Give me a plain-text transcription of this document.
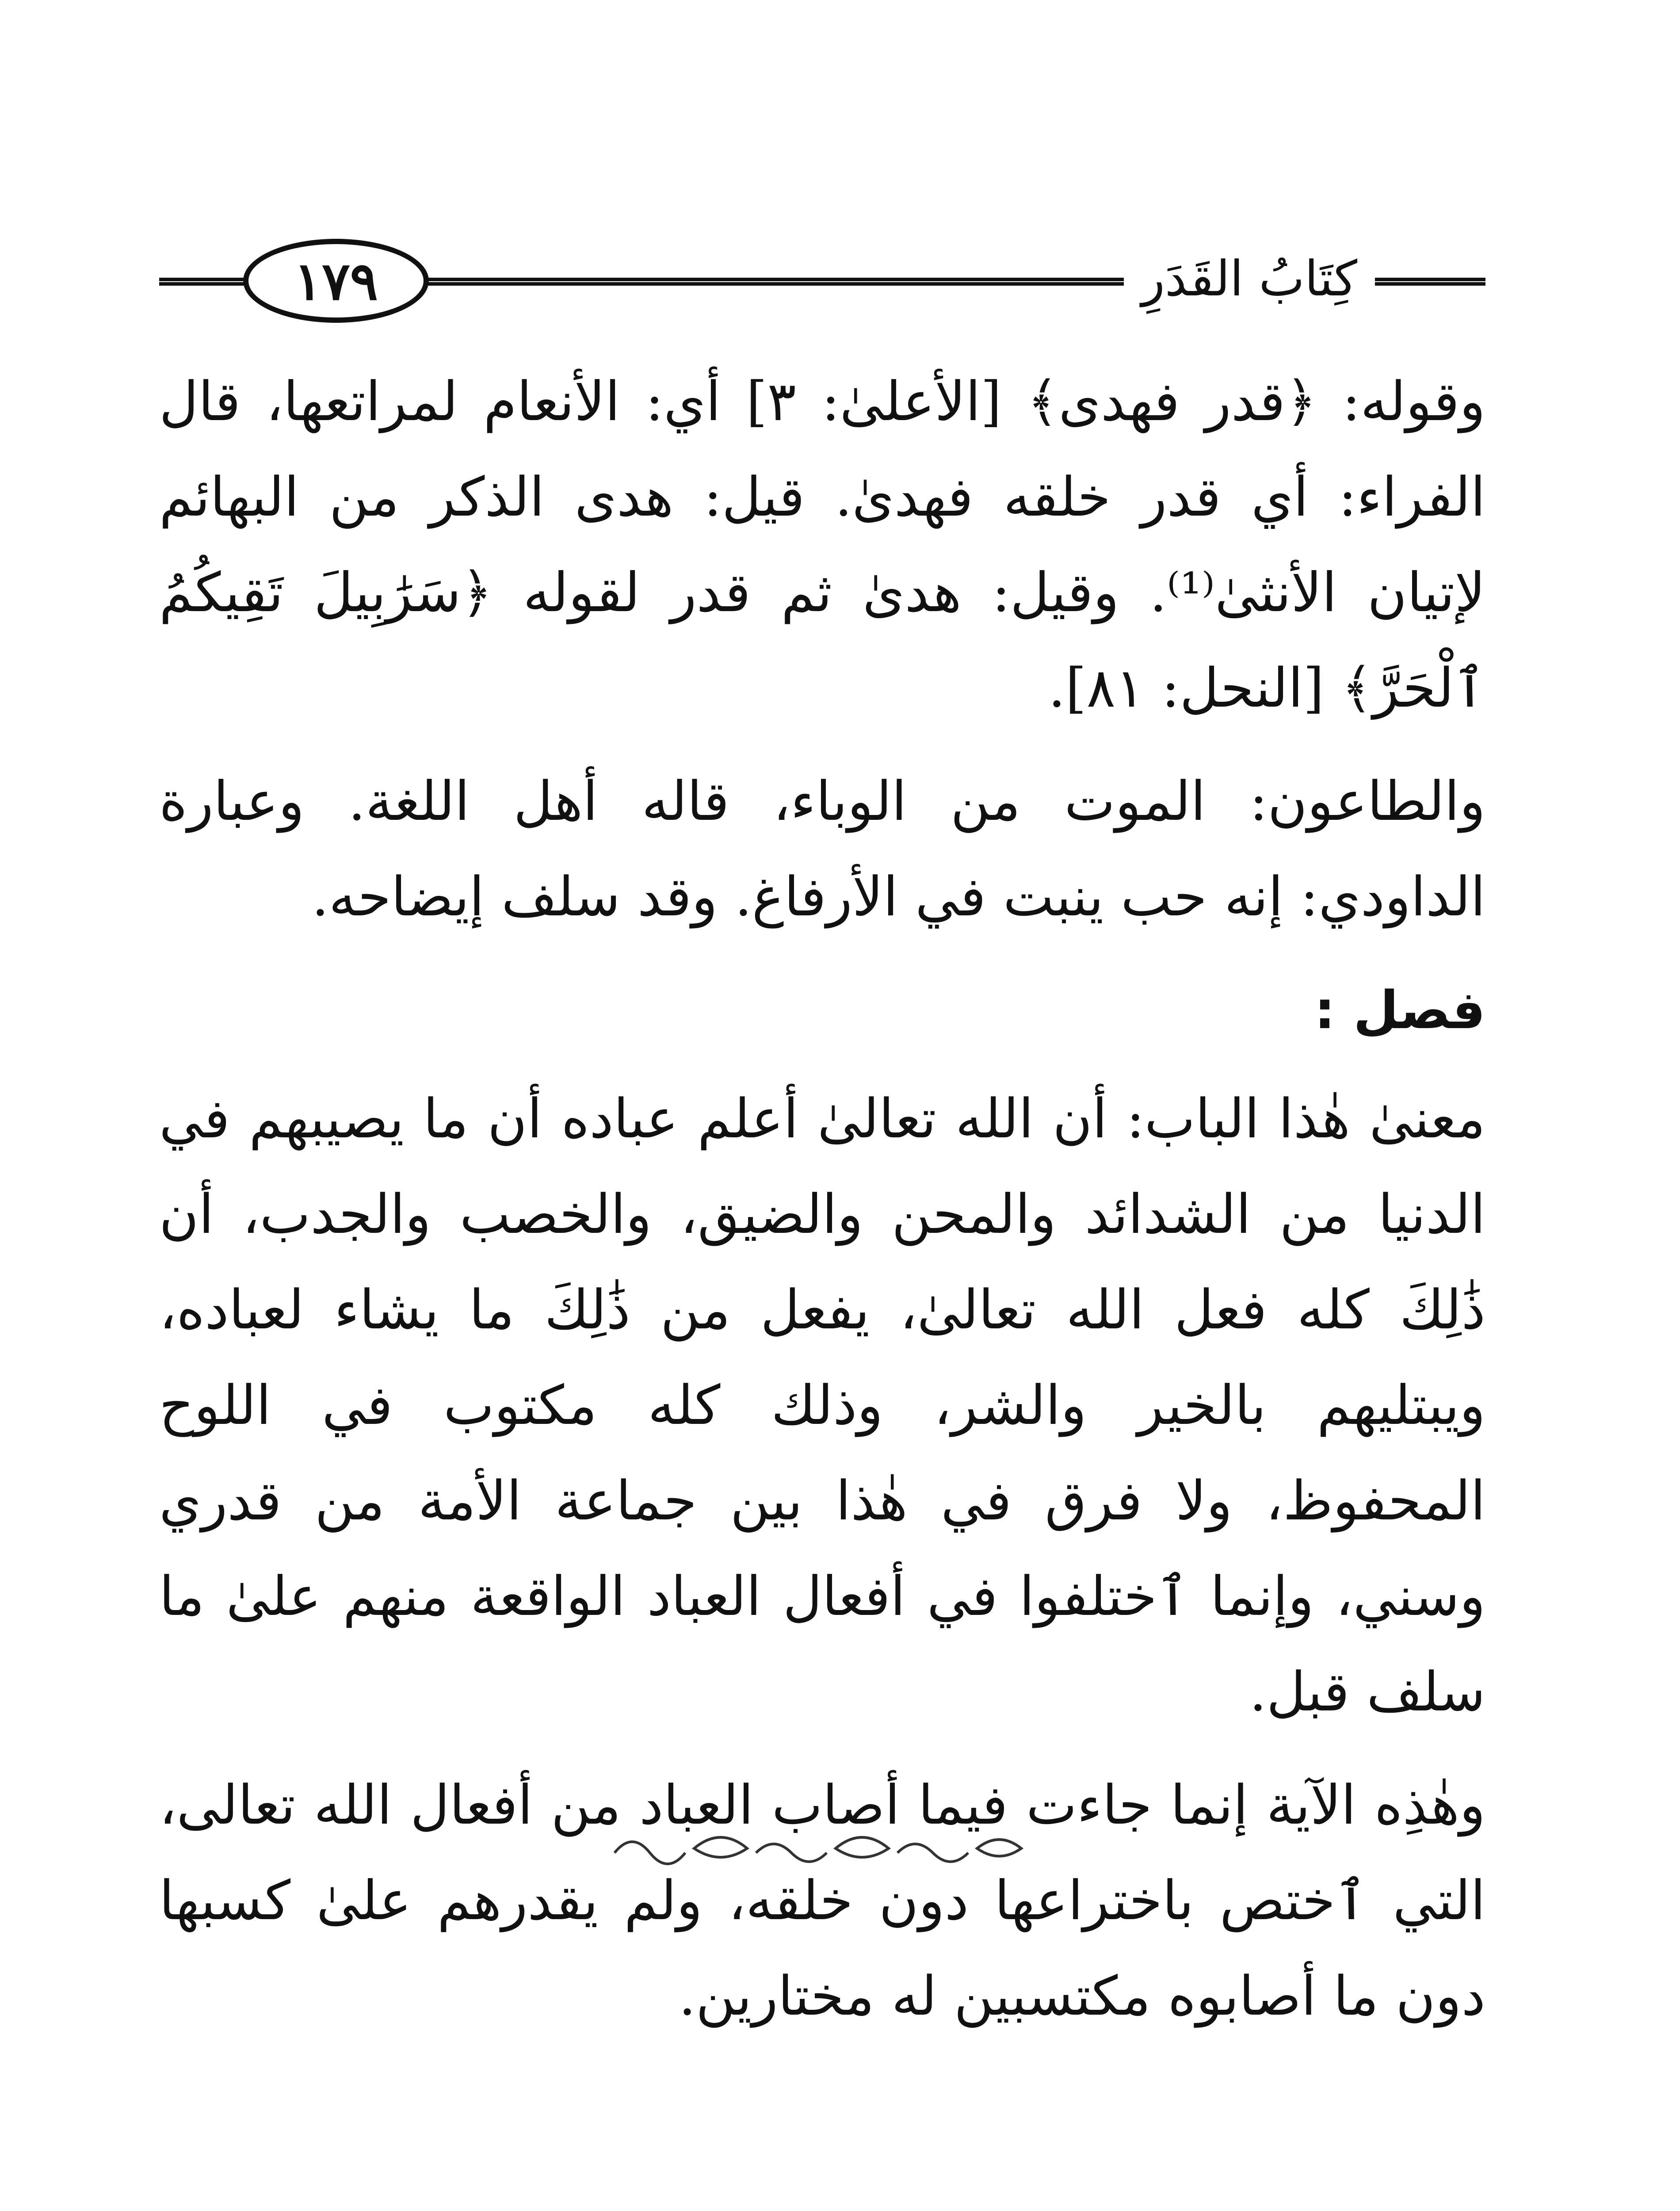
١٧٩	كِتَابُ القَدَرِ

وقوله: ﴿قدر فهدى﴾ [الأعلىٰ: ٣] أي: الأنعام لمراتعها، قال الفراء: أي قدر خلقه فهدىٰ. قيل: هدى الذكر من البهائم لإتيان الأنثىٰ⁽¹⁾. وقيل: هدىٰ ثم قدر لقوله ﴿سَرَٰبِيلَ تَقِيكُمُ ٱلْحَرَّ﴾ [النحل: ٨١].

والطاعون: الموت من الوباء، قاله أهل اللغة. وعبارة الداودي: إنه حب ينبت في الأرفاغ. وقد سلف إيضاحه.

فصل :

معنىٰ هٰذا الباب: أن الله تعالىٰ أعلم عباده أن ما يصيبهم في الدنيا من الشدائد والمحن والضيق، والخصب والجدب، أن ذَٰلِكَ كله فعل الله تعالىٰ، يفعل من ذَٰلِكَ ما يشاء لعباده، ويبتليهم بالخير والشر، وذلك كله مكتوب في اللوح المحفوظ، ولا فرق في هٰذا بين جماعة الأمة من قدري وسني، وإنما ٱختلفوا في أفعال العباد الواقعة منهم علىٰ ما سلف قبل.

وهٰذِه الآية إنما جاءت فيما أصاب العباد من أفعال الله تعالى، التي ٱختص باختراعها دون خلقه، ولم يقدرهم علىٰ كسبها دون ما أصابوه مكتسبين له مختارين.
